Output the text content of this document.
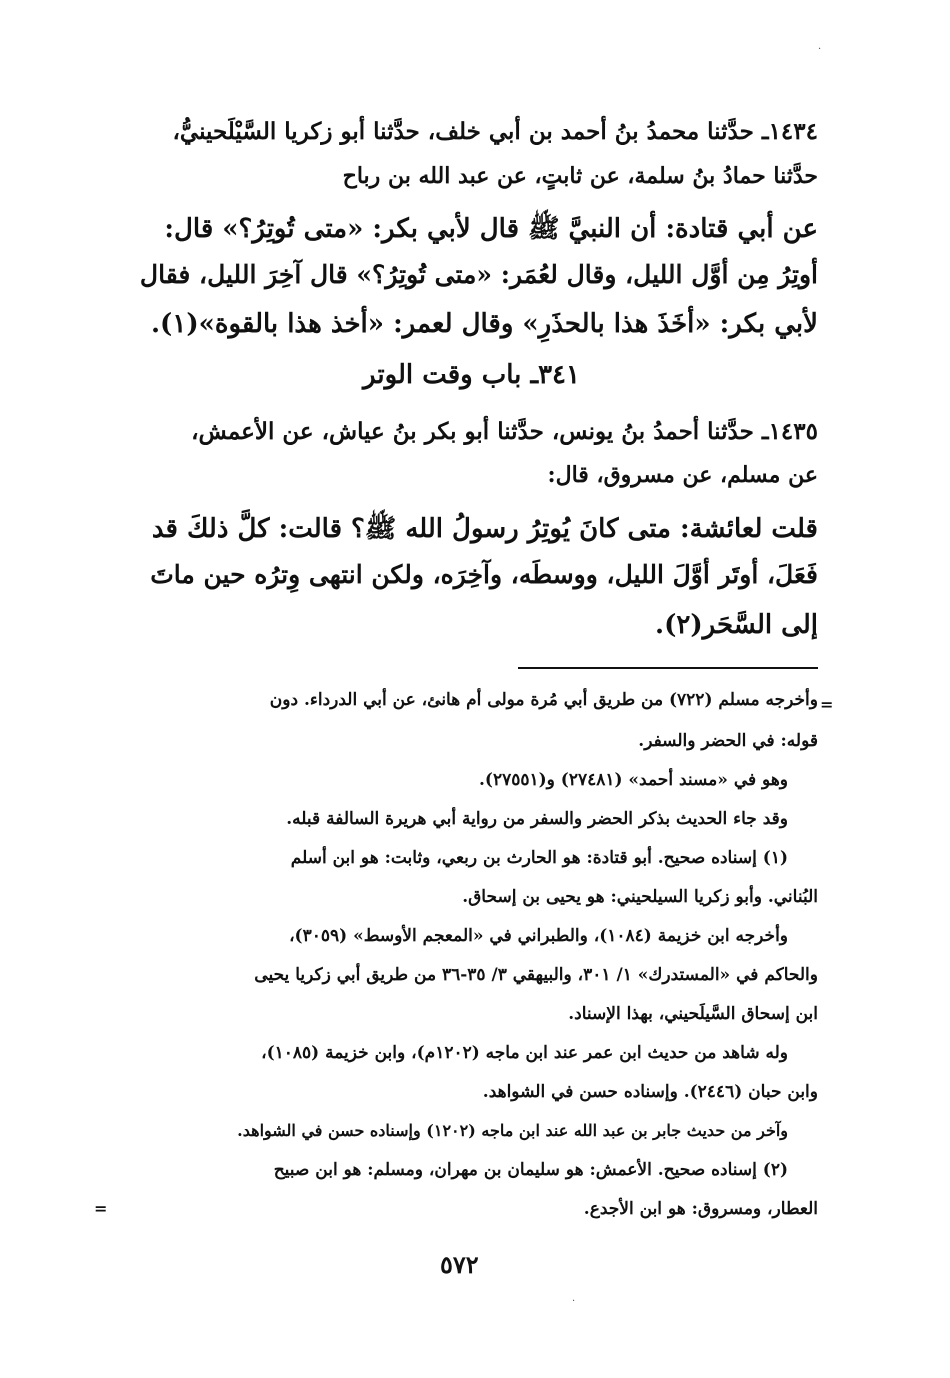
·
١٤٣٤ـ حدَّثنا محمدُ بنُ أحمد بن أبي خلف، حدَّثنا أبو زكريا السَّيْلَحينيُّ،
حدَّثنا حمادُ بنُ سلمة، عن ثابتٍ، عن عبد الله بن رباح
عن أبي قتادة: أن النبيَّ ﷺ قال لأبي بكر: «متى تُوتِرُ؟» قال:
أوتِرُ مِن أوَّل الليل، وقال لعُمَر: «متى تُوتِرُ؟» قال آخِرَ الليل، فقال
لأبي بكر: «أخَذَ هذا بالحذَرِ» وقال لعمر: «أخذ هذا بالقوة»(١).
٣٤١ـ باب وقت الوتر
١٤٣٥ـ حدَّثنا أحمدُ بنُ يونس، حدَّثنا أبو بكر بنُ عياش، عن الأعمش،
عن مسلم، عن مسروق، قال:
قلت لعائشة: متى كانَ يُوتِرُ رسولُ الله ﷺ؟ قالت: كلَّ ذلكَ قد
فَعَلَ، أوتَر أوَّلَ الليل، ووسطَه، وآخِرَه، ولكن انتهى وِترُه حين ماتَ
إلى السَّحَر(٢).
=
وأخرجه مسلم (٧٢٢) من طريق أبي مُرة مولى أم هانئ، عن أبي الدرداء. دون
قوله: في الحضر والسفر.
وهو في «مسند أحمد» (٢٧٤٨١) و(٢٧٥٥١).
وقد جاء الحديث بذكر الحضر والسفر من رواية أبي هريرة السالفة قبله.
(١) إسناده صحيح. أبو قتادة: هو الحارث بن ربعي، وثابت: هو ابن أسلم
البُناني. وأبو زكريا السيلحيني: هو يحيى بن إسحاق.
وأخرجه ابن خزيمة (١٠٨٤)، والطبراني في «المعجم الأوسط» (٣٠٥٩)،
والحاكم في «المستدرك» ١/ ٣٠١، والبيهقي ٣/ ٣٥-٣٦ من طريق أبي زكريا يحيى
ابن إسحاق السَّيلَحيني، بهذا الإسناد.
وله شاهد من حديث ابن عمر عند ابن ماجه (١٢٠٢م)، وابن خزيمة (١٠٨٥)،
وابن حبان (٢٤٤٦). وإسناده حسن في الشواهد.
وآخر من حديث جابر بن عبد الله عند ابن ماجه (١٢٠٢) وإسناده حسن في الشواهد.
(٢) إسناده صحيح. الأعمش: هو سليمان بن مهران، ومسلم: هو ابن صبيح
العطار، ومسروق: هو ابن الأجدع.
=
٥٧٢
·
